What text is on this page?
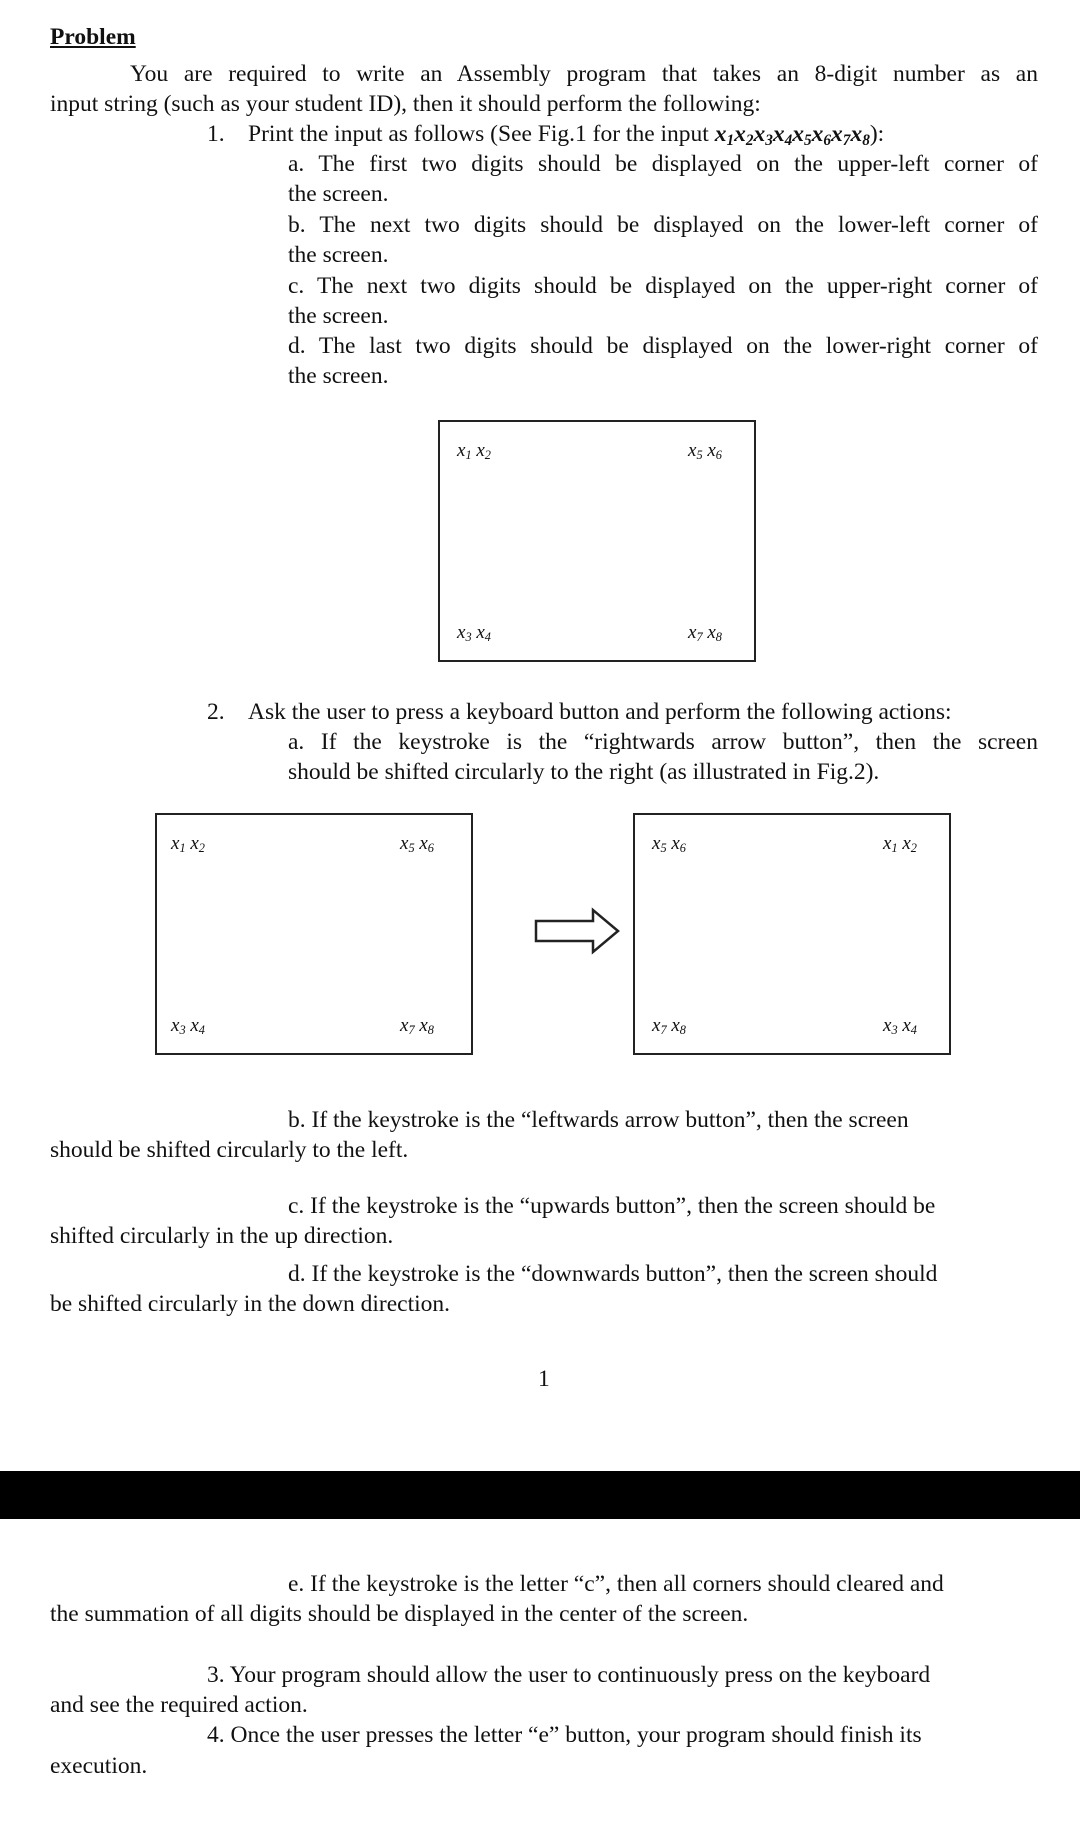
Problem
You are required to write an Assembly program that takes an 8-digit number as an
input string (such as your student ID), then it should perform the following:
1. Print the input as follows (See Fig.1 for the input $x_1x_2x_3x_4x_5x_6x_7x_8$):
a. The first two digits should be displayed on the upper-left corner of
the screen.
b. The next two digits should be displayed on the lower-left corner of
the screen.
c. The next two digits should be displayed on the upper-right corner of
the screen.
d. The last two digits should be displayed on the lower-right corner of
the screen.
$x_1$ $x_2$	$x_5$ $x_6$
$x_3$ $x_4$	$x_7$ $x_8$
2. Ask the user to press a keyboard button and perform the following actions:
a. If the keystroke is the “rightwards arrow button”, then the screen
should be shifted circularly to the right (as illustrated in Fig.2).
$x_1$ $x_2$	$x_5$ $x_6$
$x_3$ $x_4$	$x_7$ $x_8$
$x_5$ $x_6$	$x_1$ $x_2$
$x_7$ $x_8$	$x_3$ $x_4$
b. If the keystroke is the “leftwards arrow button”, then the screen
should be shifted circularly to the left.
c. If the keystroke is the “upwards button”, then the screen should be
shifted circularly in the up direction.
d. If the keystroke is the “downwards button”, then the screen should
be shifted circularly in the down direction.
1
e. If the keystroke is the letter “c”, then all corners should cleared and
the summation of all digits should be displayed in the center of the screen.
3. Your program should allow the user to continuously press on the keyboard
and see the required action.
4. Once the user presses the letter “e” button, your program should finish its
execution.
